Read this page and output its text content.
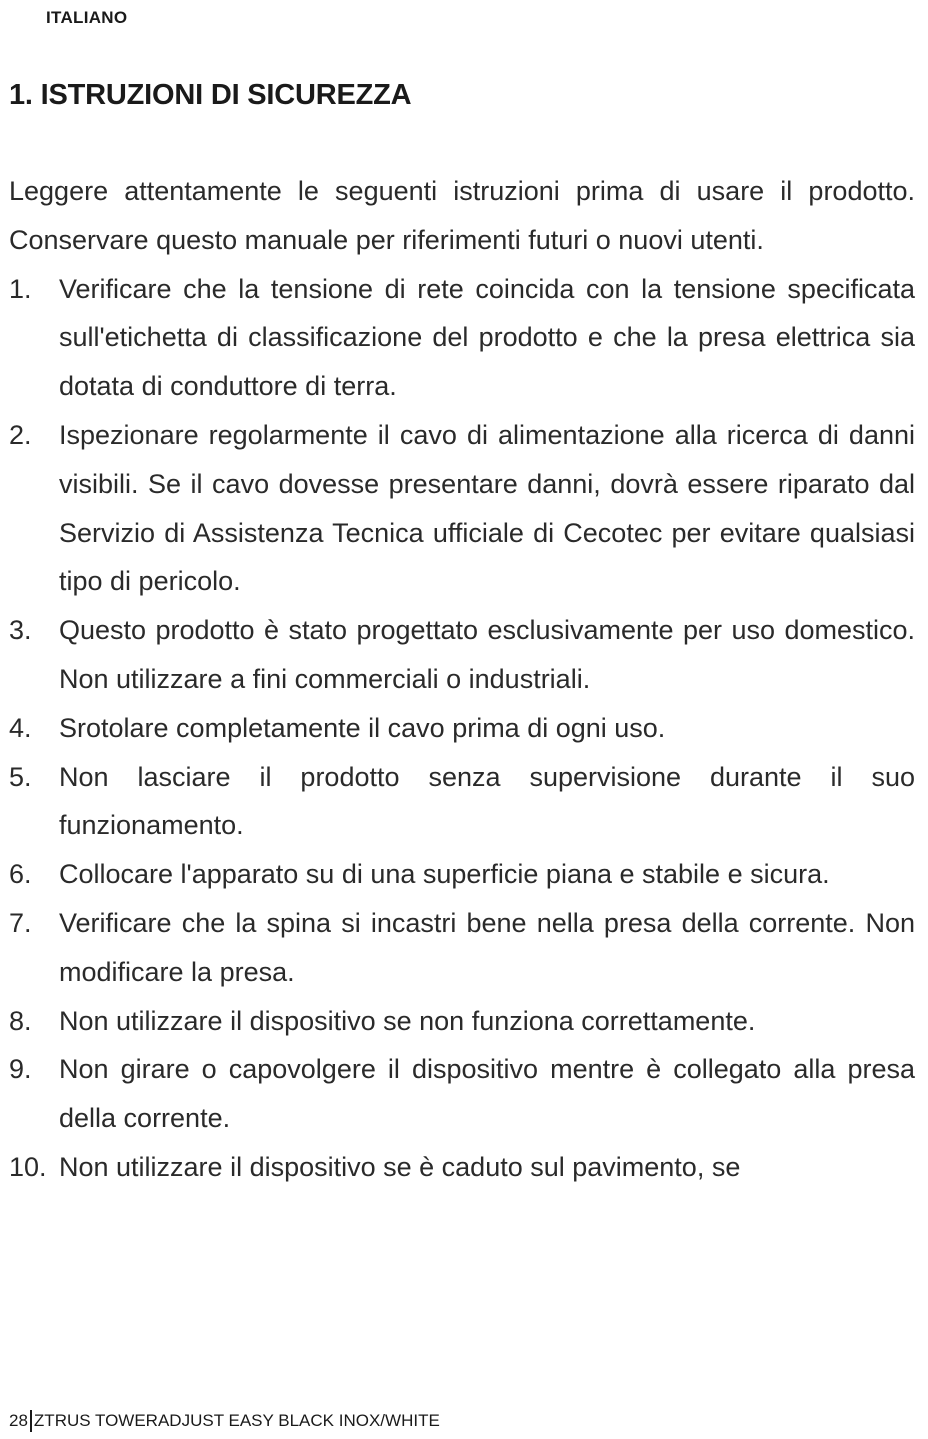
ITALIANO
1. ISTRUZIONI DI SICUREZZA

Leggere attentamente le seguenti istruzioni prima di usare il prodotto. Conservare questo manuale per riferimenti futuri o nuovi utenti.

1. Verificare che la tensione di rete coincida con la tensione specificata sull'etichetta di classificazione del prodotto e che la presa elettrica sia dotata di conduttore di terra.
2. Ispezionare regolarmente il cavo di alimentazione alla ricerca di danni visibili. Se il cavo dovesse presentare danni, dovrà essere riparato dal Servizio di Assistenza Tecnica ufficiale di Cecotec per evitare qualsiasi tipo di pericolo.
3. Questo prodotto è stato progettato esclusivamente per uso domestico. Non utilizzare a fini commerciali o industriali.
4. Srotolare completamente il cavo prima di ogni uso.
5. Non lasciare il prodotto senza supervisione durante il suo funzionamento.
6. Collocare l'apparato su di una superficie piana e stabile e sicura.
7. Verificare che la spina si incastri bene nella presa della corrente. Non modificare la presa.
8. Non utilizzare il dispositivo se non funziona correttamente.
9. Non girare o capovolgere il dispositivo mentre è collegato alla presa della corrente.
10. Non utilizzare il dispositivo se è caduto sul pavimento, se
28 ZTRUS TOWERADJUST EASY BLACK INOX/WHITE
